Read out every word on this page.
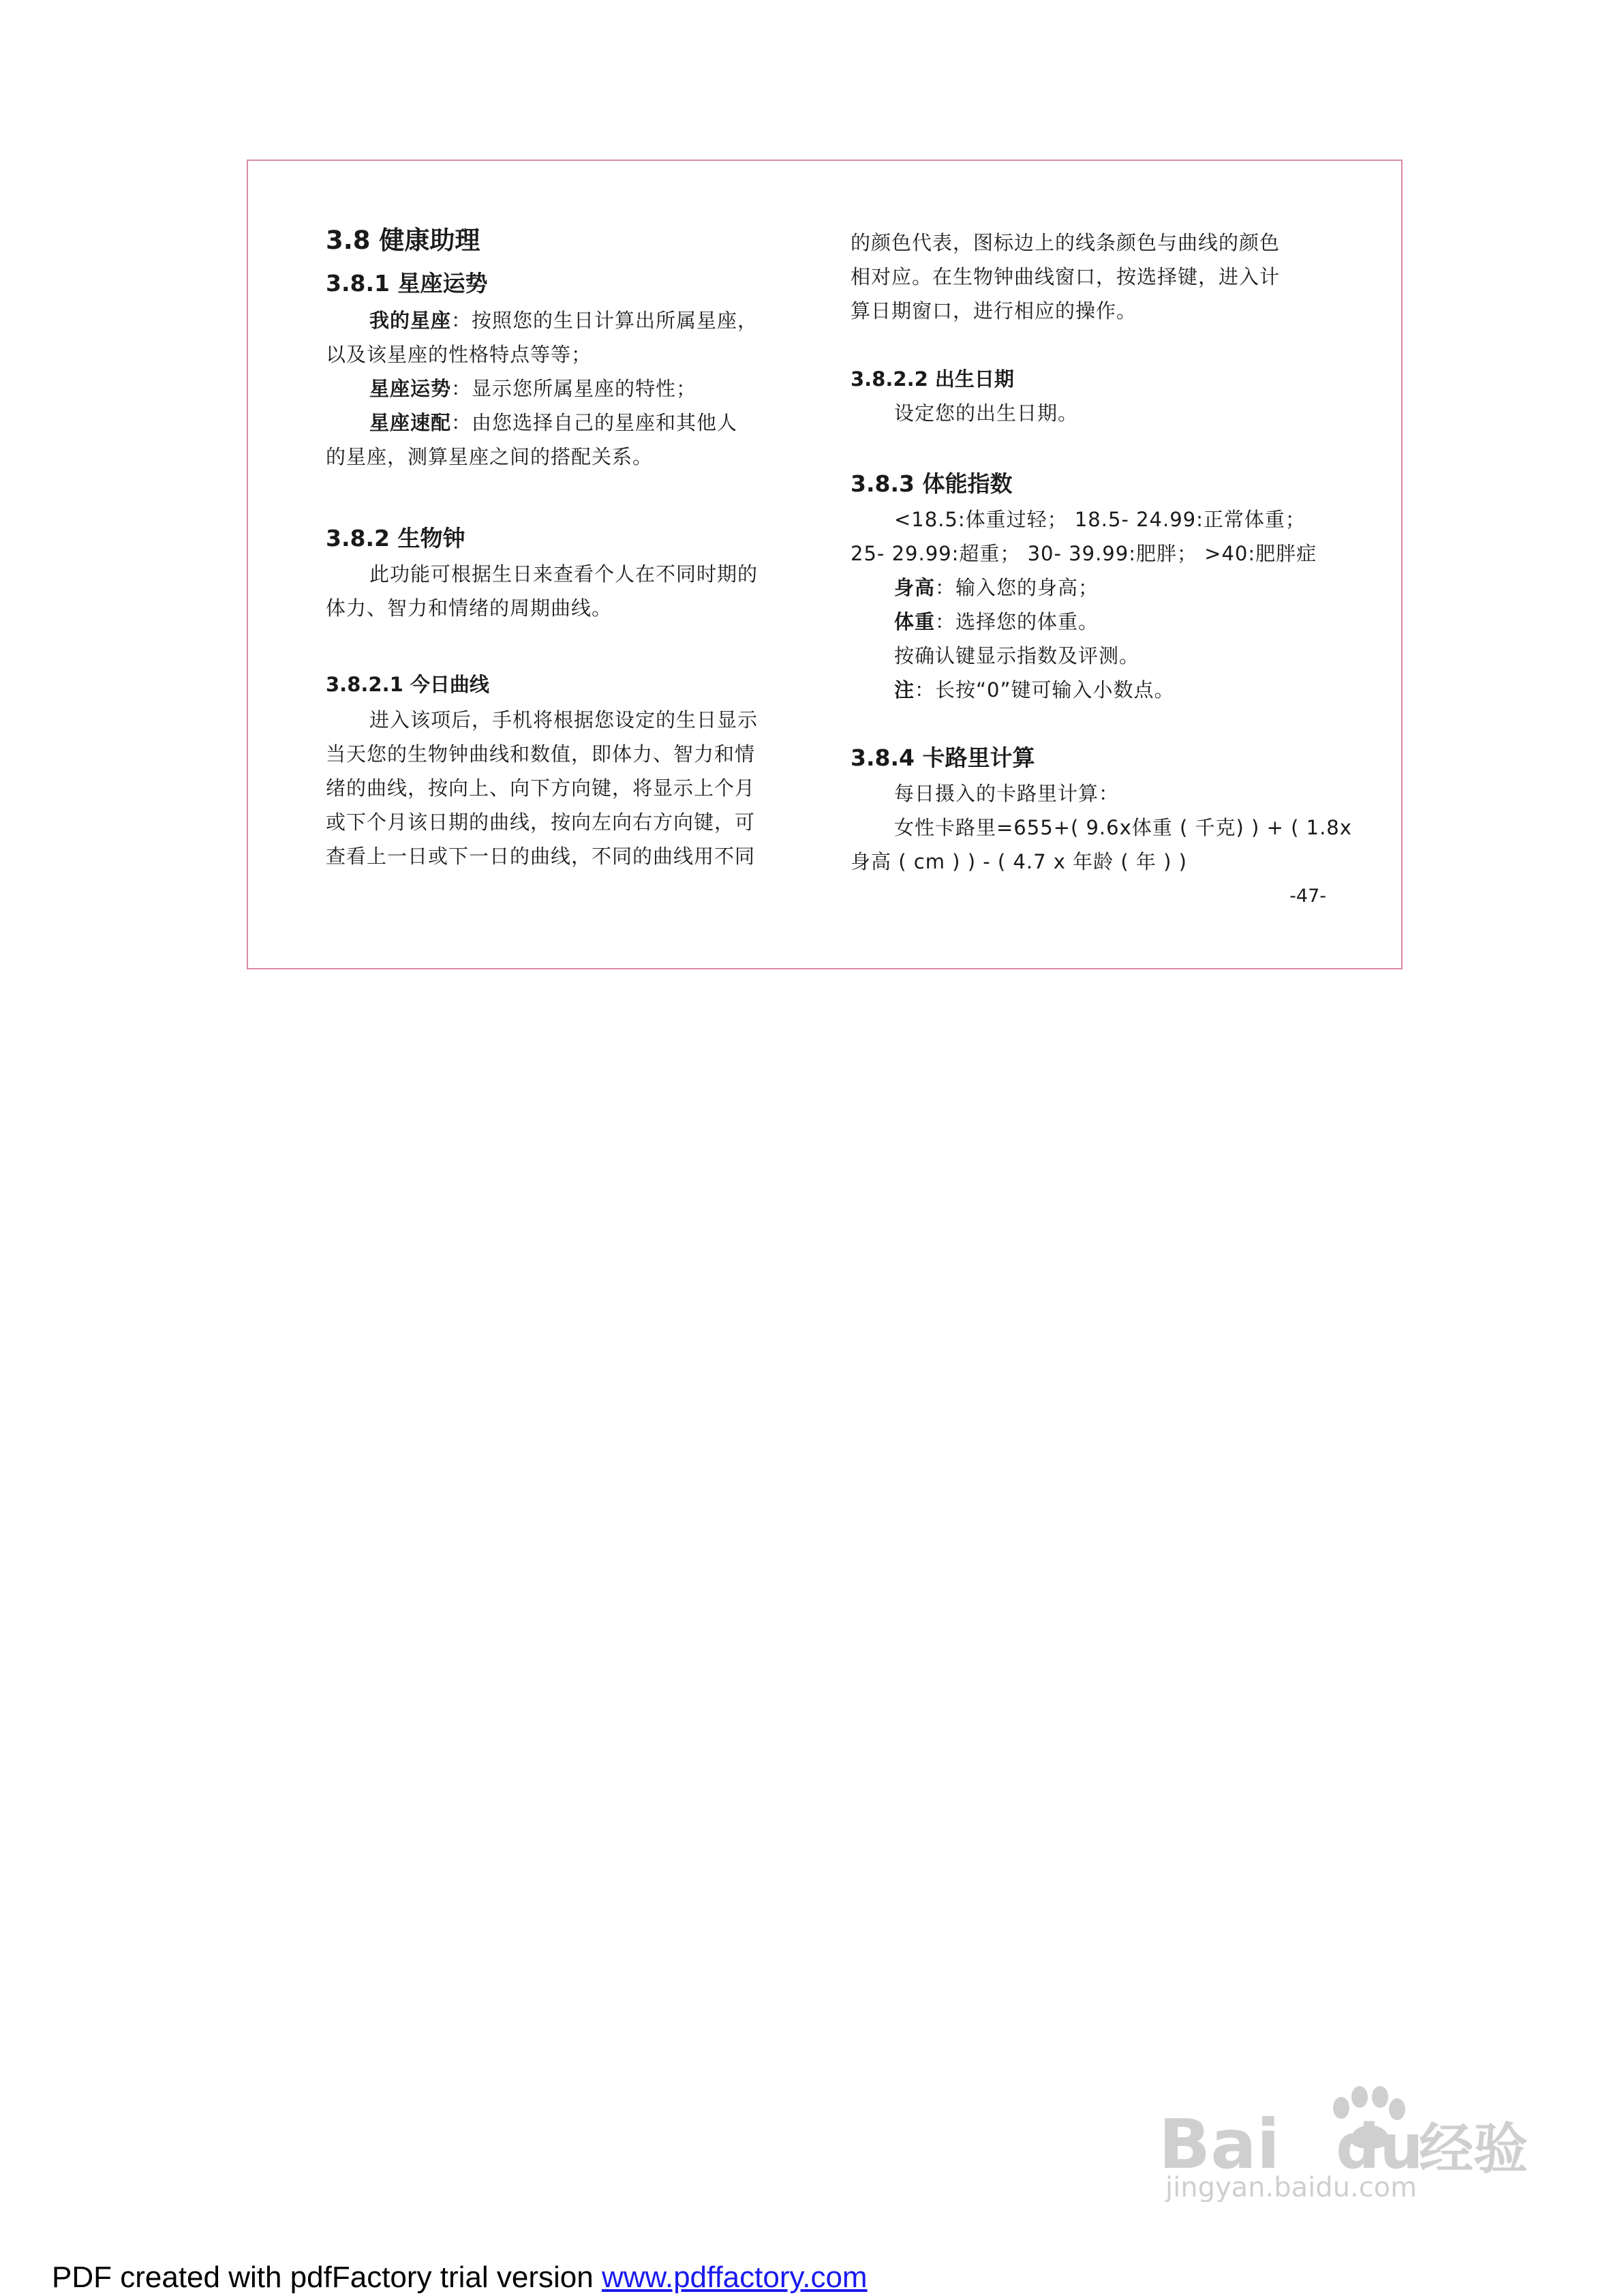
3.8 健康助理
3.8.1 星座运势
我的星座：按照您的生日计算出所属星座，
以及该星座的性格特点等等；
星座运势：显示您所属星座的特性；
星座速配：由您选择自己的星座和其他人
的星座，测算星座之间的搭配关系。
3.8.2 生物钟
此功能可根据生日来查看个人在不同时期的
体力、智力和情绪的周期曲线。
3.8.2.1 今日曲线
进入该项后，手机将根据您设定的生日显示
当天您的生物钟曲线和数值，即体力、智力和情
绪的曲线，按向上、向下方向键，将显示上个月
或下个月该日期的曲线，按向左向右方向键，可
查看上一日或下一日的曲线，不同的曲线用不同
的颜色代表，图标边上的线条颜色与曲线的颜色
相对应。在生物钟曲线窗口，按选择键，进入计
算日期窗口，进行相应的操作。
3.8.2.2 出生日期
设定您的出生日期。
3.8.3 体能指数
<18.5:体重过轻； 18.5- 24.99:正常体重；
25- 29.99:超重； 30- 39.99:肥胖； >40:肥胖症
身高：输入您的身高；
体重：选择您的体重。
按确认键显示指数及评测。
注：长按“0”键可输入小数点。
3.8.4 卡路里计算
每日摄入的卡路里计算：
女性卡路里=655+( 9.6x体重 ( 千克) ) + ( 1.8x
身高 ( cm ) ) - ( 4.7 x 年龄 ( 年 ) )
-47-
Bai du
经验
jingyan.baidu.com
PDF created with pdfFactory trial version www.pdffactory.com
